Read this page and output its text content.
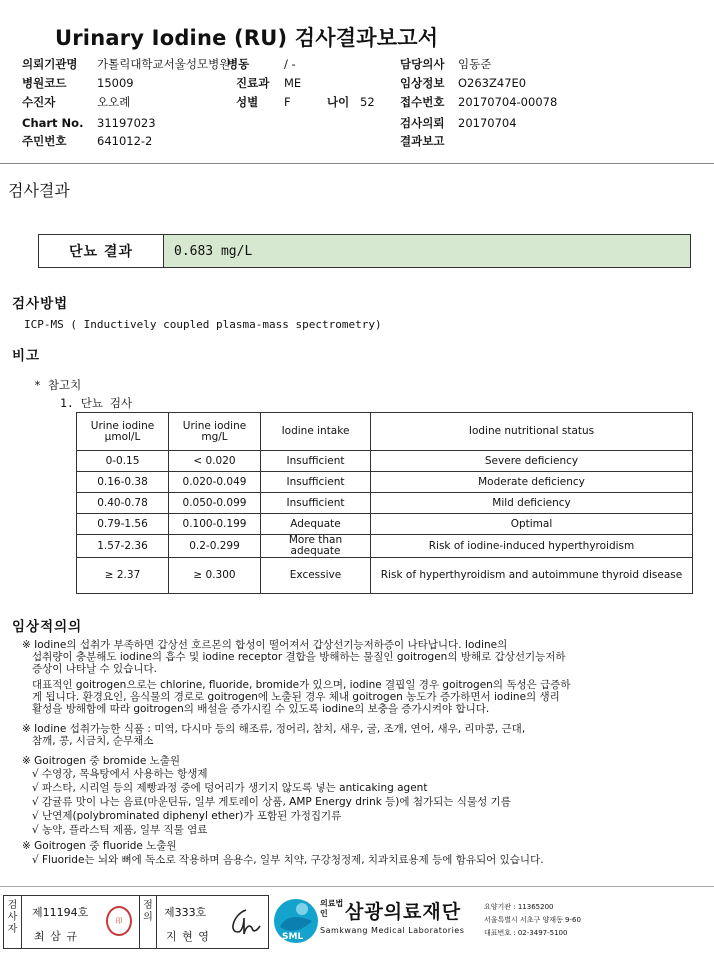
Urinary Iodine (RU) 검사결과보고서
의뢰기관명 가톨릭대학교서울성모병원
병동	/ -	담당의사 임동준
병원코드	15009	진료과 ME	임상정보 O263Z47E0
수진자	오오례	성별 F	나이 52 접수번호 20170704-00078
Chart No. 31197023	검사의뢰 20170704
주민번호	641012-2	결과보고
검사결과
단뇨 결과	0.683 mg/L
검사방법
ICP-MS ( Inductively coupled plasma-mass spectrometry)
비고
* 참고치
1. 단뇨 검사
Urine iodine µmol/L	Urine iodine mg/L	Iodine intake	Iodine nutritional status
0-0.15	< 0.020	Insufficient	Severe deficiency
0.16-0.38	0.020-0.049	Insufficient	Moderate deficiency
0.40-0.78	0.050-0.099	Insufficient	Mild deficiency
0.79-1.56	0.100-0.199	Adequate	Optimal
1.57-2.36	0.2-0.299	More than adequate	Risk of iodine-induced hyperthyroidism
≥ 2.37	≥ 0.300	Excessive	Risk of hyperthyroidism and autoimmune thyroid disease
임상적의의
※ Iodine의 섭취가 부족하면 갑상선 호르몬의 합성이 떨어져서 갑상선기능저하증이 나타납니다. Iodine의
섭취량이 충분해도 iodine의 흡수 및 iodine receptor 결합을 방해하는 물질인 goitrogen의 방해로 갑상선기능저하
증상이 나타날 수 있습니다.
대표적인 goitrogen으로는 chlorine, fluoride, bromide가 있으며, iodine 결핍일 경우 goitrogen의 독성은 급증하
게 됩니다. 환경요인, 음식물의 경로로 goitrogen에 노출된 경우 체내 goitrogen 농도가 증가하면서 iodine의 생리
활성을 방해함에 따라 goitrogen의 배설을 증가시킬 수 있도록 iodine의 보충을 증가시켜야 합니다.
※ Iodine 섭취가능한 식품 : 미역, 다시마 등의 해조류, 정어리, 참치, 새우, 굴, 조개, 연어, 새우, 리마콩, 근대,
참깨, 콩, 시금치, 순무채소
※ Goitrogen 중 bromide 노출원
√ 수영장, 목욕탕에서 사용하는 항생제
√ 파스타, 시리얼 등의 제빵과정 중에 덩어리가 생기지 않도록 넣는 anticaking agent
√ 감귤류 맛이 나는 음료(마운틴듀, 일부 게토레이 상품, AMP Energy drink 등)에 첨가되는 식물성 기름
√ 난연제(polybrominated diphenyl ether)가 포함된 가정집기류
√ 농약, 플라스틱 제품, 일부 직물 염료
※ Goitrogen 중 fluoride 노출원
√ Fluoride는 뇌와 뼈에 독소로 작용하며 음용수, 일부 치약, 구강청정제, 치과치료용제 등에 함유되어 있습니다.
검사자
제11194호
최 삼 규
印
점의	제333호
지 현 영	SML
의료법인 삼광의료재단
Samkwang Medical Laboratories
요양기관 : 11365200
서울특별시 서초구 양재동 9-60
대표번호 : 02-3497-5100
